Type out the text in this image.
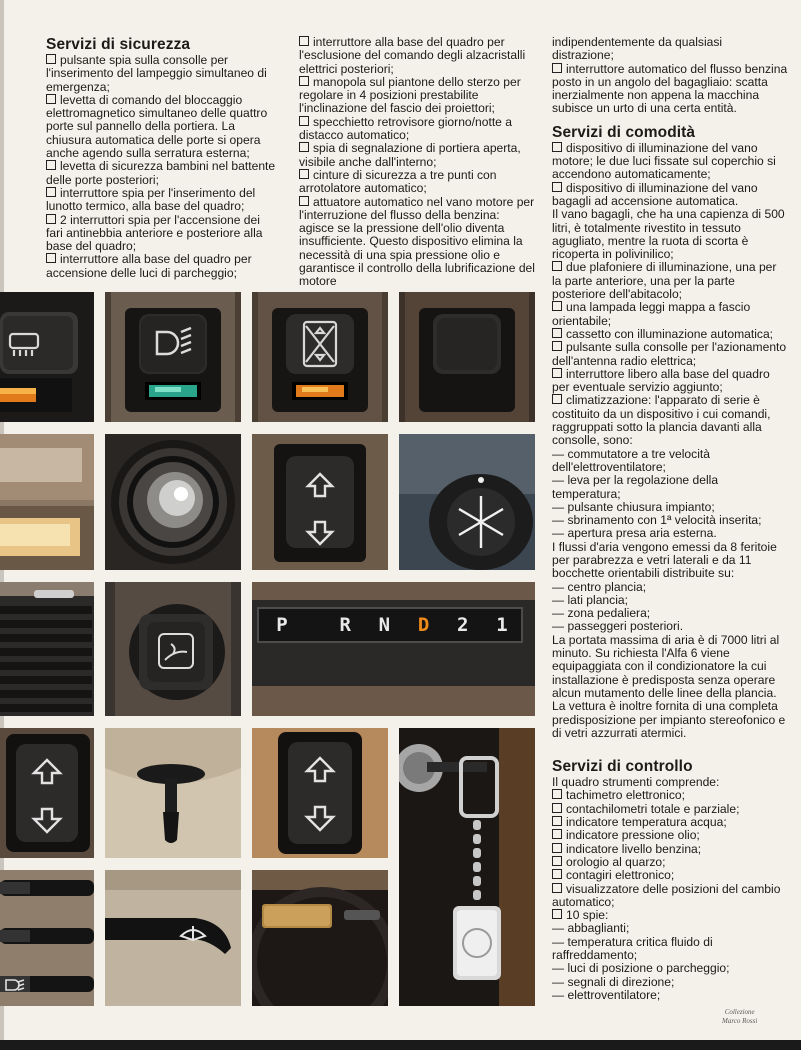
Servizi di sicurezza

pulsante spia sulla consolle per l'inserimento del lampeggio simultaneo di emergenza;

levetta di comando del bloccaggio elettromagnetico simultaneo delle quattro porte sul pannello della portiera. La chiusura automatica delle porte si opera anche agendo sulla serratura esterna;

levetta di sicurezza bambini nel battente delle porte posteriori;

interruttore spia per l'inserimento del lunotto termico, alla base del quadro;

2 interruttori spia per l'accensione dei fari antinebbia anteriore e posteriore alla base del quadro;

interruttore alla base del quadro per accensione delle luci di parcheggio;

interruttore alla base del quadro per l'esclusione del comando degli alzacristalli elettrici posteriori;

manopola sul piantone dello sterzo per regolare in 4 posizioni prestabilite l'inclinazione del fascio dei proiettori;

specchietto retrovisore giorno/notte a distacco automatico;

spia di segnalazione di portiera aperta, visibile anche dall'interno;

cinture di sicurezza a tre punti con arrotolatore automatico;

attuatore automatico nel vano motore per l'interruzione del flusso della benzina: agisce se la pressione dell'olio diventa insufficiente. Questo dispositivo elimina la necessità di una spia pressione olio e garantisce il controllo della lubrificazione del motore

indipendentemente da qualsiasi

distrazione;

interruttore automatico del flusso benzina posto in un angolo del bagagliaio: scatta inerzialmente non appena la macchina subisce un urto di una certa entità.

Servizi di comodità

dispositivo di illuminazione del vano motore; le due luci fissate sul coperchio si accendono automaticamente;

dispositivo di illuminazione del vano bagagli ad accensione automatica.

Il vano bagagli, che ha una capienza di 500 litri, è totalmente rivestito in tessuto agugliato, mentre la ruota di scorta è ricoperta in polivinilico;

due plafoniere di illuminazione, una per la parte anteriore, una per la parte posteriore dell'abitacolo;

una lampada leggi mappa a fascio orientabile;

cassetto con illuminazione automatica;

pulsante sulla consolle per l'azionamento dell'antenna radio elettrica;

interruttore libero alla base del quadro per eventuale servizio aggiunto;

climatizzazione: l'apparato di serie è costituito da un dispositivo i cui comandi, raggruppati sotto la plancia davanti alla consolle, sono:

— commutatore a tre velocità dell'elettroventilatore;

— leva per la regolazione della temperatura;

— pulsante chiusura impianto;

— sbrinamento con 1ª velocità inserita;

— apertura presa aria esterna.

I flussi d'aria vengono emessi da 8 feritoie per parabrezza e vetri laterali e da 11 bocchette orientabili distribuite su:

— centro plancia;

— lati plancia;

— zona pedaliera;

— passeggeri posteriori.

La portata massima di aria è di 7000 litri al minuto. Su richiesta l'Alfa 6 viene equipaggiata con il condizionatore la cui installazione è predisposta senza operare alcun mutamento delle linee della plancia. La vettura è inoltre fornita di una completa predisposizione per impianto stereofonico e di vetri azzurrati atermici.

Servizi di controllo

Il quadro strumenti comprende:

tachimetro elettronico;

contachilometri totale e parziale;

indicatore temperatura acqua;

indicatore pressione olio;

indicatore livello benzina;

orologio al quarzo;

contagiri elettronico;

visualizzatore delle posizioni del cambio automatico;

10 spie:

— abbaglianti;

— temperatura critica fluido di raffreddamento;

— luci di posizione o parcheggio;

— segnali di direzione;

— elettroventilatore;

P	R N D 2 1
Collezione
Marco Rossi
